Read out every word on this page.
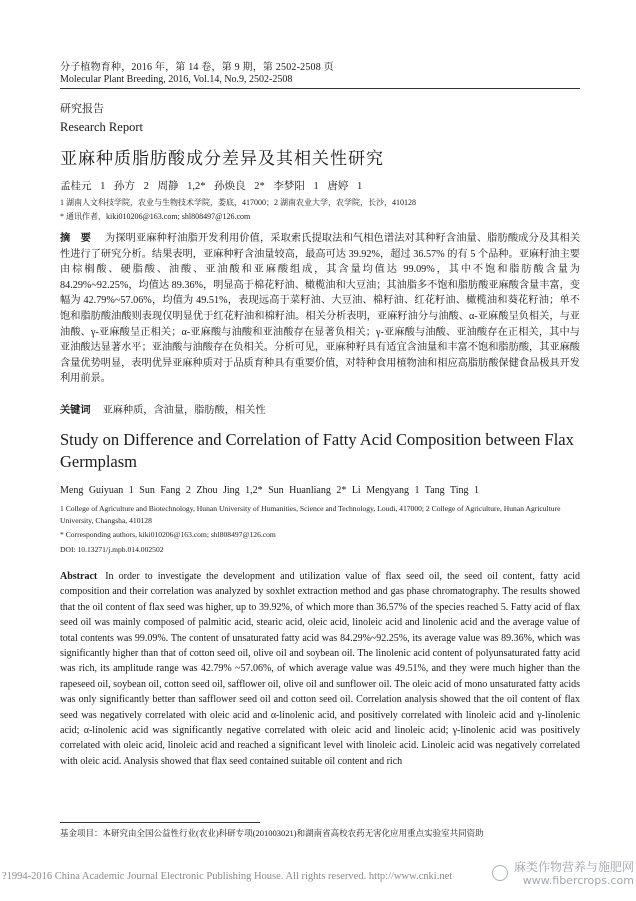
分子植物育种，2016 年，第 14 卷，第 9 期，第 2502-2508 页
Molecular Plant Breeding, 2016, Vol.14, No.9, 2502-2508
研究报告
Research Report
亚麻种质脂肪酸成分差异及其相关性研究
孟桂元 1 孙方 2 周静 1,2* 孙焕良 2* 李梦阳 1 唐婷 1
1 湖南人文科技学院，农业与生物技术学院，娄底，417000；2 湖南农业大学，农学院，长沙，410128
* 通讯作者，kiki010206@163.com; shl808497@126.com
摘　要 为探明亚麻种籽油脂开发利用价值，采取索氏提取法和气相色谱法对其种籽含油量、脂肪酸成分及其相关性进行了研究分析。结果表明，亚麻种籽含油量较高，最高可达 39.92%，超过 36.57% 的有 5 个品种。亚麻籽油主要由棕榈酸、硬脂酸、油酸、亚油酸和亚麻酸组成，其含量均值达 99.09%，其中不饱和脂肪酸含量为 84.29%~92.25%，均值达 89.36%，明显高于棉花籽油、橄榄油和大豆油；其油脂多不饱和脂肪酸亚麻酸含量丰富，变幅为 42.79%~57.06%，均值为 49.51%，表现远高于菜籽油、大豆油、棉籽油、红花籽油、橄榄油和葵花籽油；单不饱和脂肪酸油酸则表现仅明显优于红花籽油和棉籽油。相关分析表明，亚麻籽油分与油酸、α-亚麻酸呈负相关，与亚油酸、γ-亚麻酸呈正相关；α-亚麻酸与油酸和亚油酸存在显著负相关；γ-亚麻酸与油酸、亚油酸存在正相关，其中与亚油酸达显著水平；亚油酸与油酸存在负相关。分析可见，亚麻种籽具有适宜含油量和丰富不饱和脂肪酸，其亚麻酸含量优势明显，表明优异亚麻种质对于品质育种具有重要价值，对特种食用植物油和相应高脂肪酸保健食品极具开发利用前景。
关键词 亚麻种质，含油量，脂肪酸，相关性
Study on Difference and Correlation of Fatty Acid Composition between Flax Germplasm
Meng Guiyuan 1 Sun Fang 2 Zhou Jing 1,2* Sun Huanliang 2* Li Mengyang 1 Tang Ting 1
1 College of Agriculture and Biotechnology, Hunan University of Humanities, Science and Technology, Loudi, 417000; 2 College of Agriculture, Hunan Agriculture University, Changsha, 410128
* Corresponding authors, kiki010206@163.com; shl808497@126.com
DOI: 10.13271/j.mpb.014.002502
Abstract In order to investigate the development and utilization value of flax seed oil, the seed oil content, fatty acid composition and their correlation was analyzed by soxhlet extraction method and gas phase chromatography. The results showed that the oil content of flax seed was higher, up to 39.92%, of which more than 36.57% of the species reached 5. Fatty acid of flax seed oil was mainly composed of palmitic acid, stearic acid, oleic acid, linoleic acid and linolenic acid and the average value of total contents was 99.09%. The content of unsaturated fatty acid was 84.29%~92.25%, its average value was 89.36%, which was significantly higher than that of cotton seed oil, olive oil and soybean oil. The linolenic acid content of polyunsaturated fatty acid was rich, its amplitude range was 42.79% ~57.06%, of which average value was 49.51%, and they were much higher than the rapeseed oil, soybean oil, cotton seed oil, safflower oil, olive oil and sunflower oil. The oleic acid of mono unsaturated fatty acids was only significantly better than safflower seed oil and cotton seed oil. Correlation analysis showed that the oil content of flax seed was negatively correlated with oleic acid and α-linolenic acid, and positively correlated with linoleic acid and γ-linolenic acid; α-linolenic acid was significantly negative correlated with oleic acid and linoleic acid; γ-linolenic acid was positively correlated with oleic acid, linoleic acid and reached a significant level with linoleic acid. Linoleic acid was negatively correlated with oleic acid. Analysis showed that flax seed contained suitable oil content and rich
基金项目：本研究由全国公益性行业(农业)科研专项(201003021)和湖南省高校农药无害化应用重点实验室共同资助
?1994-2016 China Academic Journal Electronic Publishing House. All rights reserved. http://www.cnki.net
麻类作物营养与施肥网
www.fibercrops.com
